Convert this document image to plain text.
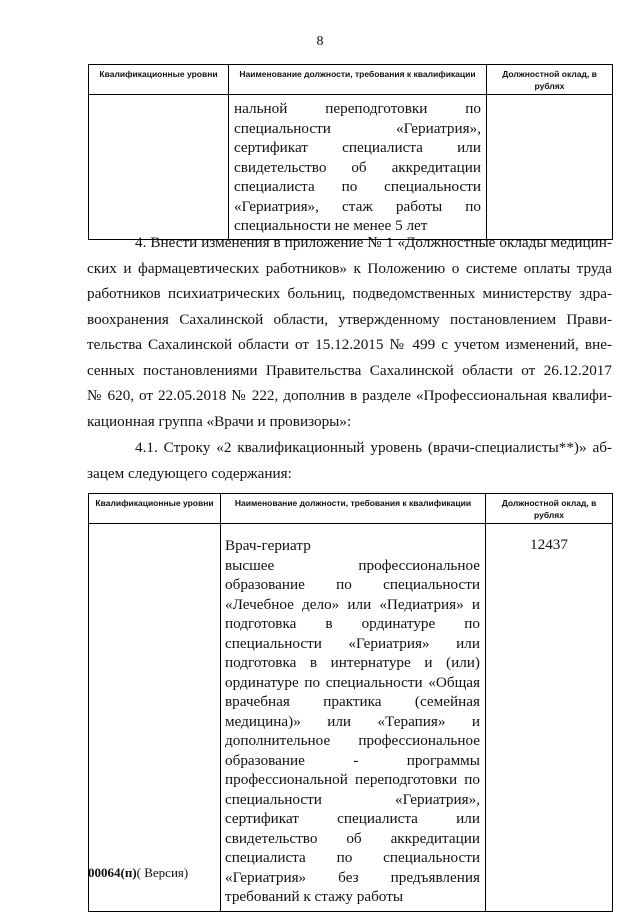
8
Квалификационные уровни	Наименование должности, требования к квалификации	Должностной оклад, в рублях

	нальной переподготовки по специальности «Гериатрия», сертификат специалиста или свидетельство об аккредитации специалиста по специальности «Гериатрия», стаж работы по специальности не менее 5 лет	

4. Внести изменения в приложение № 1 «Должностные оклады медицин-
ских и фармацевтических работников» к Положению о системе оплаты труда
работников психиатрических больниц, подведомственных министерству здра-
воохранения Сахалинской области, утвержденному постановлением Прави-
тельства Сахалинской области от 15.12.2015 № 499 с учетом изменений, вне-
сенных постановлениями Правительства Сахалинской области от 26.12.2017
№ 620, от 22.05.2018 № 222, дополнив в разделе «Профессиональная квалифи-
кационная группа «Врачи и провизоры»:
4.1. Строку «2 квалификационный уровень (врачи-специалисты**)» аб-
зацем следующего содержания:
Квалификационные уровни	Наименование должности, требования к квалификации	Должностной оклад, в рублях

	Врач-гериатр
высшее профессиональное образование по специальности «Лечебное дело» или «Педиатрия» и подготовка в ординатуре по специальности «Гериатрия» или подготовка в интернатуре и (или) ординатуре по специальности «Общая врачебная практика (семейная медицина)» или «Терапия» и дополнительное профессиональное образование - программы профессиональной переподготовки по специальности «Гериатрия», сертификат специалиста или свидетельство об аккредитации специалиста по специальности «Гериатрия» без предъявления требований к стажу работы	12437
00064(п)( Версия)
